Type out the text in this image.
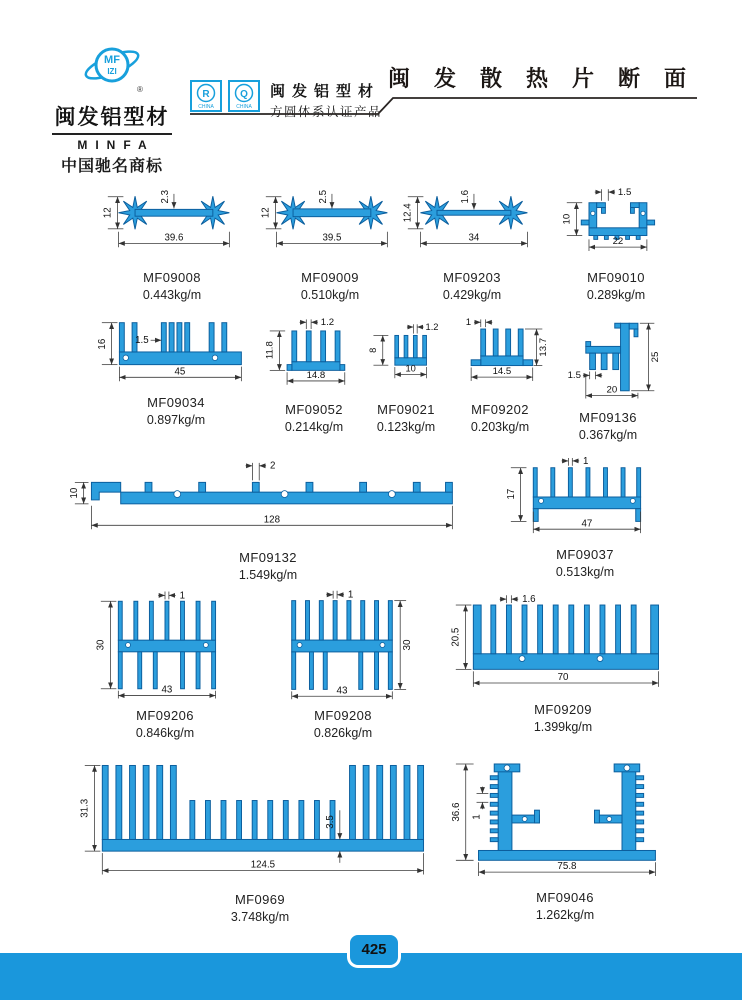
MF
IZI
®
闽发铝型材
MINFA
中国驰名商标
R
CHINA
Q
CHINA
闽发铝型材
方圆体系认证产品
闽发散热片断面
12
2.3
39.6
MF09008
0.443kg/m
12
2.5
39.5
MF09009
0.510kg/m
12.4
1.6
34
MF09203
0.429kg/m
1.5
10
22
MF09010
0.289kg/m
16	1.5
45
MF09034
0.897kg/m
1.2
11.8
14.8
MF09052
0.214kg/m
1.2
8
10
MF09021
0.123kg/m
1
13.7
14.5
MF09202
0.203kg/m
25
1.5
20
MF09136
0.367kg/m
2
10
128
MF09132
1.549kg/m
1
17
47
MF09037
0.513kg/m
1
30
43
MF09206
0.846kg/m
1
30
43
MF09208
0.826kg/m
1.6
20.5
70
MF09209
1.399kg/m
31.3
3.5
124.5
MF0969
3.748kg/m
36.6 1
75.8
MF09046
1.262kg/m
425
